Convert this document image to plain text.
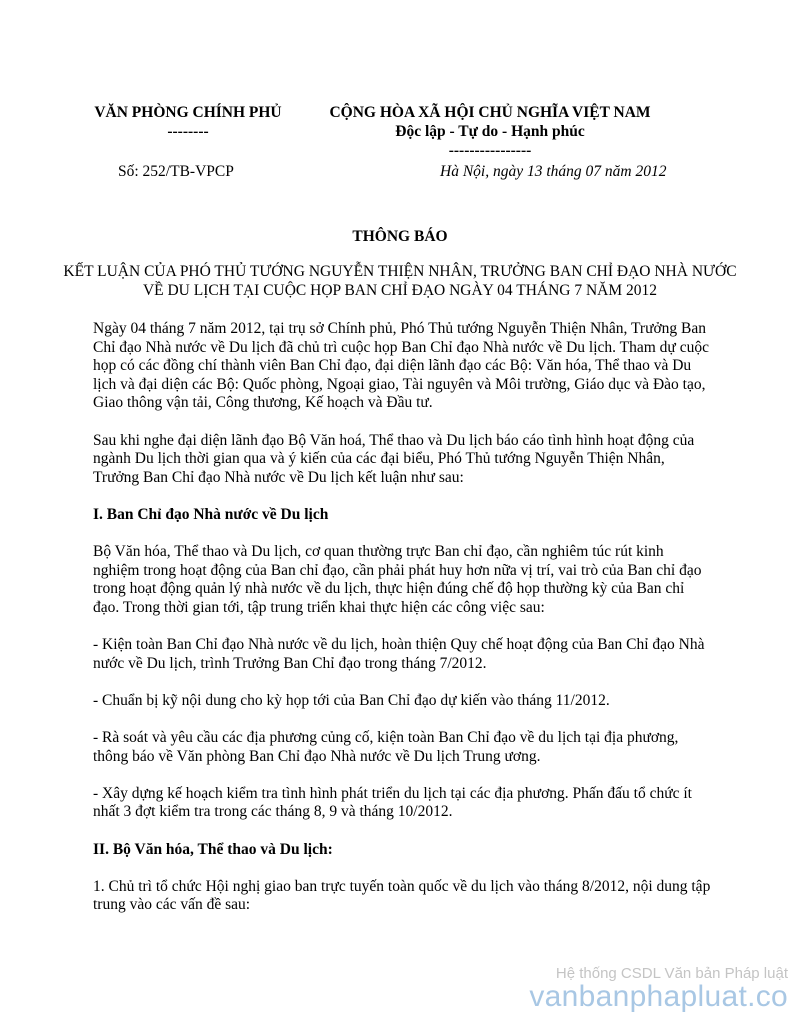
VĂN PHÒNG CHÍNH PHỦ
--------
CỘNG HÒA XÃ HỘI CHỦ NGHĨA VIỆT NAM
Độc lập - Tự do - Hạnh phúc
----------------
Số: 252/TB-VPCP	Hà Nội, ngày 13 tháng 07 năm 2012
THÔNG BÁO
KẾT LUẬN CỦA PHÓ THỦ TƯỚNG NGUYỄN THIỆN NHÂN, TRƯỞNG BAN CHỈ ĐẠO NHÀ NƯỚC VỀ DU LỊCH TẠI CUỘC HỌP BAN CHỈ ĐẠO NGÀY 04 THÁNG 7 NĂM 2012

Ngày 04 tháng 7 năm 2012, tại trụ sở Chính phủ, Phó Thủ tướng Nguyễn Thiện Nhân, Trưởng Ban Chỉ đạo Nhà nước về Du lịch đã chủ trì cuộc họp Ban Chỉ đạo Nhà nước về Du lịch. Tham dự cuộc họp có các đồng chí thành viên Ban Chỉ đạo, đại diện lãnh đạo các Bộ: Văn hóa, Thể thao và Du lịch và đại diện các Bộ: Quốc phòng, Ngoại giao, Tài nguyên và Môi trường, Giáo dục và Đào tạo, Giao thông vận tải, Công thương, Kế hoạch và Đầu tư.

Sau khi nghe đại diện lãnh đạo Bộ Văn hoá, Thể thao và Du lịch báo cáo tình hình hoạt động của ngành Du lịch thời gian qua và ý kiến của các đại biểu, Phó Thủ tướng Nguyễn Thiện Nhân, Trưởng Ban Chỉ đạo Nhà nước về Du lịch kết luận như sau:

I. Ban Chỉ đạo Nhà nước về Du lịch

Bộ Văn hóa, Thể thao và Du lịch, cơ quan thường trực Ban chỉ đạo, cần nghiêm túc rút kinh nghiệm trong hoạt động của Ban chỉ đạo, cần phải phát huy hơn nữa vị trí, vai trò của Ban chỉ đạo trong hoạt động quản lý nhà nước về du lịch, thực hiện đúng chế độ họp thường kỳ của Ban chỉ đạo. Trong thời gian tới, tập trung triển khai thực hiện các công việc sau:

- Kiện toàn Ban Chỉ đạo Nhà nước về du lịch, hoàn thiện Quy chế hoạt động của Ban Chỉ đạo Nhà nước về Du lịch, trình Trưởng Ban Chỉ đạo trong tháng 7/2012.

- Chuẩn bị kỹ nội dung cho kỳ họp tới của Ban Chỉ đạo dự kiến vào tháng 11/2012.

- Rà soát và yêu cầu các địa phương củng cố, kiện toàn Ban Chỉ đạo về du lịch tại địa phương, thông báo về Văn phòng Ban Chỉ đạo Nhà nước về Du lịch Trung ương.

- Xây dựng kế hoạch kiểm tra tình hình phát triển du lịch tại các địa phương. Phấn đấu tổ chức ít nhất 3 đợt kiểm tra trong các tháng 8, 9 và tháng 10/2012.

II. Bộ Văn hóa, Thể thao và Du lịch:

1. Chủ trì tổ chức Hội nghị giao ban trực tuyến toàn quốc về du lịch vào tháng 8/2012, nội dung tập trung vào các vấn đề sau:

Hệ thống CSDL Văn bản Pháp luật
vanbanphapluat.co
